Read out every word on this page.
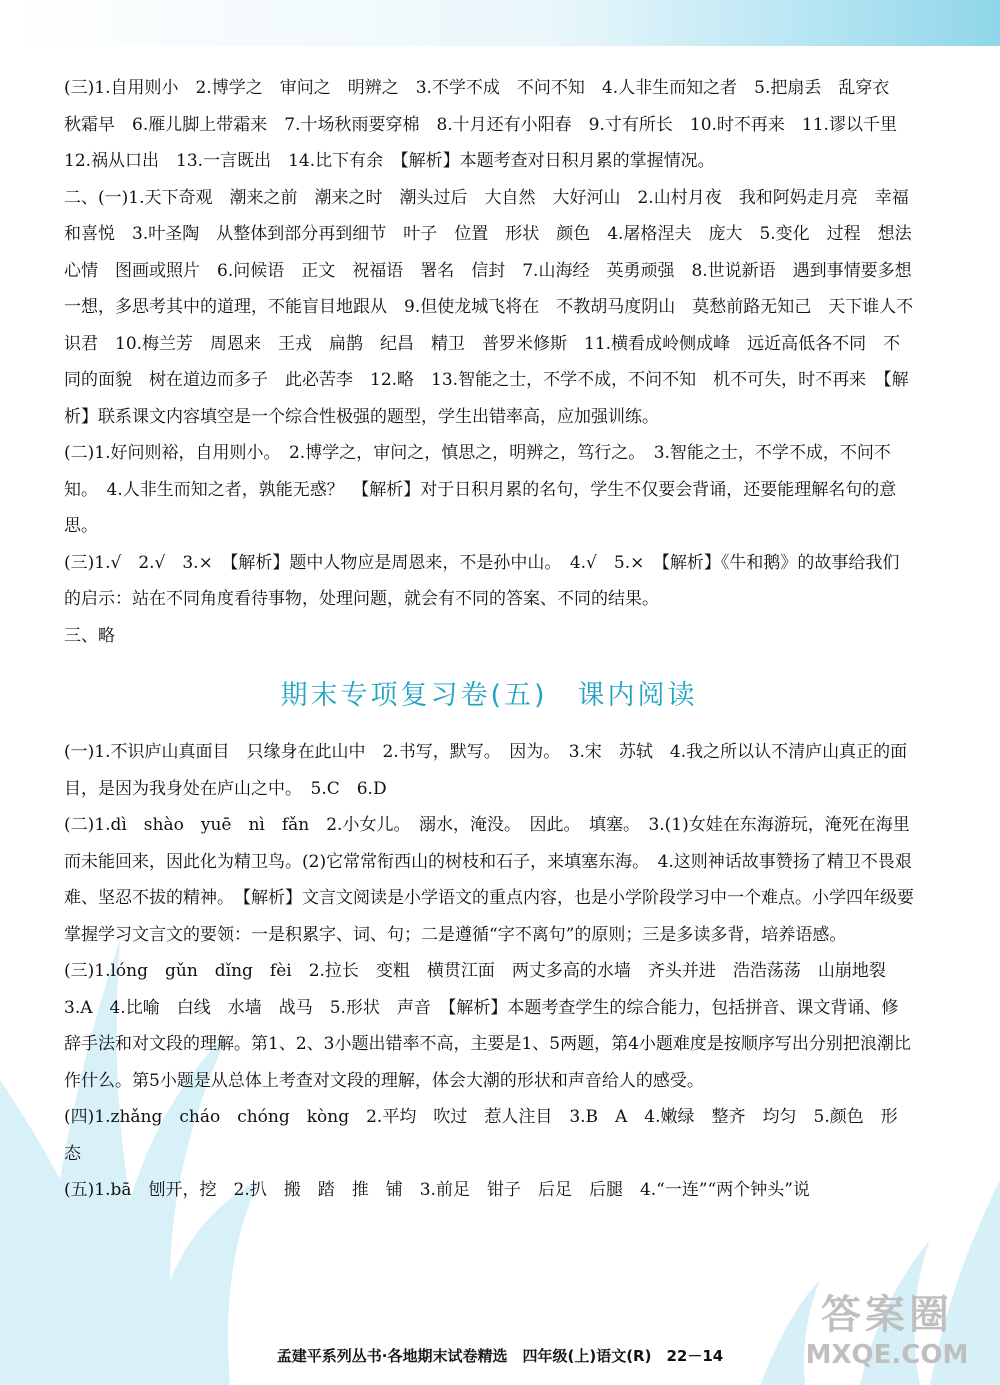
(三)1.自用则小　2.博学之　审问之　明辨之　3.不学不成　不问不知　4.人非生而知之者　5.把扇丢　乱穿衣　秋霜早　6.雁儿脚上带霜来　7.十场秋雨要穿棉　8.十月还有小阳春　9.寸有所长　10.时不再来　11.谬以千里　12.祸从口出　13.一言既出　14.比下有余　【解析】本题考查对日积月累的掌握情况。

二、(一)1.天下奇观　潮来之前　潮来之时　潮头过后　大自然　大好河山　2.山村月夜　我和阿妈走月亮　幸福和喜悦　3.叶圣陶　从整体到部分再到细节　叶子　位置　形状　颜色　4.屠格涅夫　庞大　5.变化　过程　想法　心情　图画或照片　6.问候语　正文　祝福语　署名　信封　7.山海经　英勇顽强　8.世说新语　遇到事情要多想一想，多思考其中的道理，不能盲目地跟从　9.但使龙城飞将在　不教胡马度阴山　莫愁前路无知己　天下谁人不识君　10.梅兰芳　周恩来　王戎　扁鹊　纪昌　精卫　普罗米修斯　11.横看成岭侧成峰　远近高低各不同　不同的面貌　树在道边而多子　此必苦李　12.略　13.智能之士，不学不成，不问不知　机不可失，时不再来　【解析】联系课文内容填空是一个综合性极强的题型，学生出错率高，应加强训练。

(二)1.好问则裕，自用则小。　2.博学之，审问之，慎思之，明辨之，笃行之。　3.智能之士，不学不成，不问不知。　4.人非生而知之者，孰能无惑？　【解析】对于日积月累的名句，学生不仅要会背诵，还要能理解名句的意思。

(三)1.√　2.√　3.×　【解析】题中人物应是周恩来，不是孙中山。　4.√　5.×　【解析】《牛和鹅》的故事给我们的启示：站在不同角度看待事物，处理问题，就会有不同的答案、不同的结果。

三、略

期末专项复习卷(五)　课内阅读

(一)1.不识庐山真面目　只缘身在此山中　2.书写，默写。　因为。　3.宋　苏轼　4.我之所以认不清庐山真正的面目，是因为我身处在庐山之中。　5.C　6.D

(二)1.dì　shào　yuē　nì　fǎn　2.小女儿。　溺水，淹没。　因此。　填塞。　3.(1)女娃在东海游玩，淹死在海里而未能回来，因此化为精卫鸟。(2)它常常衔西山的树枝和石子，来填塞东海。　4.这则神话故事赞扬了精卫不畏艰难、坚忍不拔的精神。　【解析】文言文阅读是小学语文的重点内容，也是小学阶段学习中一个难点。小学四年级要掌握学习文言文的要领：一是积累字、词、句；二是遵循“字不离句”的原则；三是多读多背，培养语感。

(三)1.lóng　gǔn　dǐng　fèi　2.拉长　变粗　横贯江面　两丈多高的水墙　齐头并进　浩浩荡荡　山崩地裂　3.A　4.比喻　白线　水墙　战马　5.形状　声音　【解析】本题考查学生的综合能力，包括拼音、课文背诵、修辞手法和对文段的理解。第1、2、3小题出错率不高，主要是1、5两题，第4小题难度是按顺序写出分别把浪潮比作什么。第5小题是从总体上考查对文段的理解，体会大潮的形状和声音给人的感受。

(四)1.zhǎng　cháo　chóng　kòng　2.平均　吹过　惹人注目　3.B　A　4.嫩绿　整齐　均匀　5.颜色　形态

(五)1.bā　刨开，挖　2.扒　搬　踏　推　铺　3.前足　钳子　后足　后腿　4.“一连”“两个钟头”说

孟建平系列丛书·各地期末试卷精选　四年级(上)语文(R)　22－14
答案圈
MXQE.COM
